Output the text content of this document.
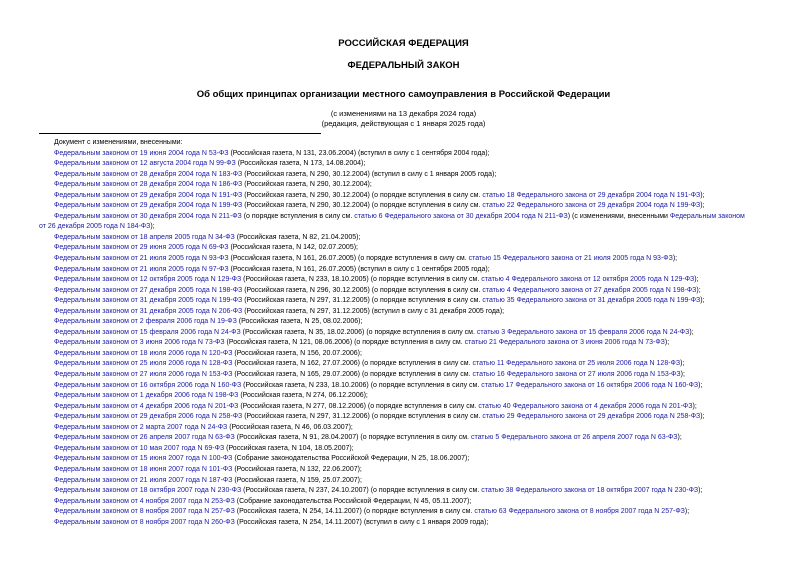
РОССИЙСКАЯ ФЕДЕРАЦИЯ
ФЕДЕРАЛЬНЫЙ ЗАКОН
Об общих принципах организации местного самоуправления в Российской Федерации
(с изменениями на 13 декабря 2024 года)
(редакция, действующая с 1 января 2025 года)
Документ с изменениями, внесенными:
Федеральным законом от 19 июня 2004 года N 53-ФЗ (Российская газета, N 131, 23.06.2004) (вступил в силу с 1 сентября 2004 года);
Федеральным законом от 12 августа 2004 года N 99-ФЗ (Российская газета, N 173, 14.08.2004);
Федеральным законом от 28 декабря 2004 года N 183-ФЗ (Российская газета, N 290, 30.12.2004) (вступил в силу с 1 января 2005 года);
Федеральным законом от 28 декабря 2004 года N 186-ФЗ (Российская газета, N 290, 30.12.2004);
Федеральным законом от 29 декабря 2004 года N 191-ФЗ (Российская газета, N 290, 30.12.2004) (о порядке вступления в силу см. статью 18 Федерального закона от 29 декабря 2004 года N 191-ФЗ);
Федеральным законом от 29 декабря 2004 года N 199-ФЗ (Российская газета, N 290, 30.12.2004) (о порядке вступления в силу см. статью 22 Федерального закона от 29 декабря 2004 года N 199-ФЗ);
Федеральным законом от 30 декабря 2004 года N 211-ФЗ (о порядке вступления в силу см. статью 6 Федерального закона от 30 декабря 2004 года N 211-ФЗ) (с изменениями, внесенными Федеральным законом
от 26 декабря 2005 года N 184-ФЗ);
Федеральным законом от 18 апреля 2005 года N 34-ФЗ (Российская газета, N 82, 21.04.2005);
Федеральным законом от 29 июня 2005 года N 69-ФЗ (Российская газета, N 142, 02.07.2005);
Федеральным законом от 21 июля 2005 года N 93-ФЗ (Российская газета, N 161, 26.07.2005) (о порядке вступления в силу см. статью 15 Федерального закона от 21 июля 2005 года N 93-ФЗ);
Федеральным законом от 21 июля 2005 года N 97-ФЗ (Российская газета, N 161, 26.07.2005) (вступил в силу с 1 сентября 2005 года);
Федеральным законом от 12 октября 2005 года N 129-ФЗ (Российская газета, N 233, 18.10.2005) (о порядке вступления в силу см. статью 4 Федерального закона от 12 октября 2005 года N 129-ФЗ);
Федеральным законом от 27 декабря 2005 года N 198-ФЗ (Российская газета, N 296, 30.12.2005) (о порядке вступления в силу см. статью 4 Федерального закона от 27 декабря 2005 года N 198-ФЗ);
Федеральным законом от 31 декабря 2005 года N 199-ФЗ (Российская газета, N 297, 31.12.2005) (о порядке вступления в силу см. статью 35 Федерального закона от 31 декабря 2005 года N 199-ФЗ);
Федеральным законом от 31 декабря 2005 года N 206-ФЗ (Российская газета, N 297, 31.12.2005) (вступил в силу с 31 декабря 2005 года);
Федеральным законом от 2 февраля 2006 года N 19-ФЗ (Российская газета, N 25, 08.02.2006);
Федеральным законом от 15 февраля 2006 года N 24-ФЗ (Российская газета, N 35, 18.02.2006) (о порядке вступления в силу см. статью 3 Федерального закона от 15 февраля 2006 года N 24-ФЗ);
Федеральным законом от 3 июня 2006 года N 73-ФЗ (Российская газета, N 121, 08.06.2006) (о порядке вступления в силу см. статью 21 Федерального закона от 3 июня 2006 года N 73-ФЗ);
Федеральным законом от 18 июля 2006 года N 120-ФЗ (Российская газета, N 156, 20.07.2006);
Федеральным законом от 25 июля 2006 года N 128-ФЗ (Российская газета, N 162, 27.07.2006) (о порядке вступления в силу см. статью 11 Федерального закона от 25 июля 2006 года N 128-ФЗ);
Федеральным законом от 27 июля 2006 года N 153-ФЗ (Российская газета, N 165, 29.07.2006) (о порядке вступления в силу см. статью 16 Федерального закона от 27 июля 2006 года N 153-ФЗ);
Федеральным законом от 16 октября 2006 года N 160-ФЗ (Российская газета, N 233, 18.10.2006) (о порядке вступления в силу см. статью 17 Федерального закона от 16 октября 2006 года N 160-ФЗ);
Федеральным законом от 1 декабря 2006 года N 198-ФЗ (Российская газета, N 274, 06.12.2006);
Федеральным законом от 4 декабря 2006 года N 201-ФЗ (Российская газета, N 277, 08.12.2006) (о порядке вступления в силу см. статью 40 Федерального закона от 4 декабря 2006 года N 201-ФЗ);
Федеральным законом от 29 декабря 2006 года N 258-ФЗ (Российская газета, N 297, 31.12.2006) (о порядке вступления в силу см. статью 29 Федерального закона от 29 декабря 2006 года N 258-ФЗ);
Федеральным законом от 2 марта 2007 года N 24-ФЗ (Российская газета, N 46, 06.03.2007);
Федеральным законом от 26 апреля 2007 года N 63-ФЗ (Российская газета, N 91, 28.04.2007) (о порядке вступления в силу см. статью 5 Федерального закона от 26 апреля 2007 года N 63-ФЗ);
Федеральным законом от 10 мая 2007 года N 69-ФЗ (Российская газета, N 104, 18.05.2007);
Федеральным законом от 15 июня 2007 года N 100-ФЗ (Собрание законодательства Российской Федерации, N 25, 18.06.2007);
Федеральным законом от 18 июня 2007 года N 101-ФЗ (Российская газета, N 132, 22.06.2007);
Федеральным законом от 21 июля 2007 года N 187-ФЗ (Российская газета, N 159, 25.07.2007);
Федеральным законом от 18 октября 2007 года N 230-ФЗ (Российская газета, N 237, 24.10.2007) (о порядке вступления в силу см. статью 38 Федерального закона от 18 октября 2007 года N 230-ФЗ);
Федеральным законом от 4 ноября 2007 года N 253-ФЗ (Собрание законодательства Российской Федерации, N 45, 05.11.2007);
Федеральным законом от 8 ноября 2007 года N 257-ФЗ (Российская газета, N 254, 14.11.2007) (о порядке вступления в силу см. статью 63 Федерального закона от 8 ноября 2007 года N 257-ФЗ);
Федеральным законом от 8 ноября 2007 года N 260-ФЗ (Российская газета, N 254, 14.11.2007) (вступил в силу с 1 января 2009 года);
